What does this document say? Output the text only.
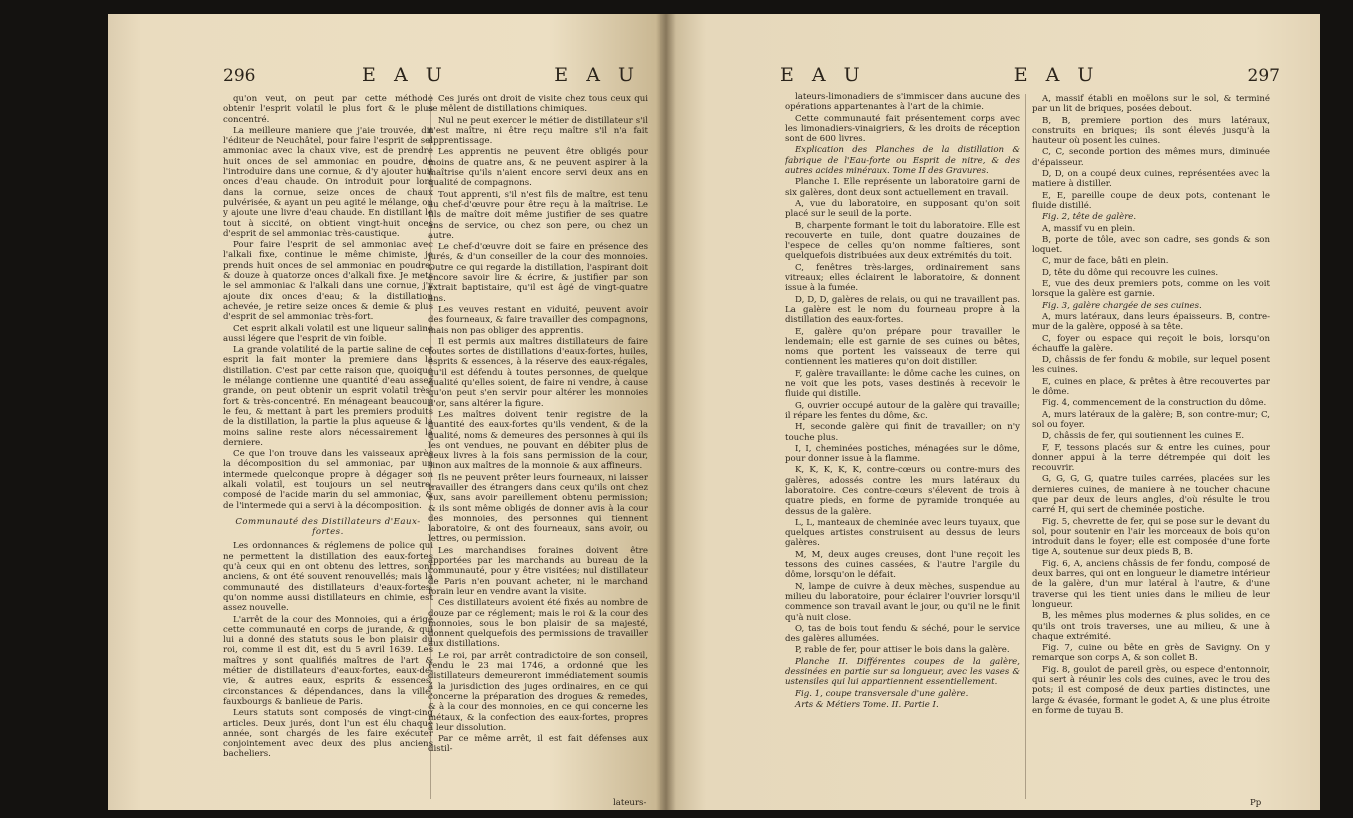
296	E A U	E A U

qu'on veut, on peut par cette méthode obtenir l'esprit volatil le plus fort & le plus concentré.

La meilleure maniere que j'aie trouvée, dit l'éditeur de Neuchâtel, pour faire l'esprit de sel ammoniac avec la chaux vive, est de prendre huit onces de sel ammoniac en poudre, de l'introduire dans une cornue, & d'y ajouter huit onces d'eau chaude. On introduit pour lors dans la cornue, seize onces de chaux pulvérisée, & ayant un peu agité le mélange, on y ajoute une livre d'eau chaude. En distillant le tout à siccité, on obtient vingt-huit onces d'esprit de sel ammoniac très-caustique.

Pour faire l'esprit de sel ammoniac avec l'alkali fixe, continue le même chimiste, je prends huit onces de sel ammoniac en poudre, & douze à quatorze onces d'alkali fixe. Je mets le sel ammoniac & l'alkali dans une cornue, j'y ajoute dix onces d'eau; & la distillation achevée, je retire seize onces & demie & plus d'esprit de sel ammoniac très-fort.

Cet esprit alkali volatil est une liqueur saline aussi légere que l'esprit de vin foible.

La grande volatilité de la partie saline de cet esprit la fait monter la premiere dans la distillation. C'est par cette raison que, quoique le mélange contienne une quantité d'eau assez grande, on peut obtenir un esprit volatil très-fort & très-concentré. En ménageant beaucoup le feu, & mettant à part les premiers produits de la distillation, la partie la plus aqueuse & la moins saline reste alors nécessairement la derniere.

Ce que l'on trouve dans les vaisseaux après la décomposition du sel ammoniac, par un intermede quelconque propre à dégager son alkali volatil, est toujours un sel neutre, composé de l'acide marin du sel ammoniac, & de l'intermede qui a servi à la décomposition.

Communauté des Distillateurs d'Eaux-fortes.

Les ordonnances & réglemens de police qui ne permettent la distillation des eaux-fortes qu'à ceux qui en ont obtenu des lettres, sont anciens, & ont été souvent renouvellés; mais la communauté des distillateurs d'eaux-fortes, qu'on nomme aussi distillateurs en chimie, est assez nouvelle.

L'arrêt de la cour des Monnoies, qui a érigé cette communauté en corps de jurande, & qui lui a donné des statuts sous le bon plaisir du roi, comme il est dit, est du 5 avril 1639. Les maîtres y sont qualifiés maîtres de l'art & métier de distillateurs d'eaux-fortes, eaux-de-vie, & autres eaux, esprits & essences, circonstances & dépendances, dans la ville, fauxbourgs & banlieue de Paris.

Leurs statuts sont composés de vingt-cinq articles. Deux jurés, dont l'un est élu chaque année, sont chargés de les faire exécuter conjointement avec deux des plus anciens bacheliers.

Ces jurés ont droit de visite chez tous ceux qui se mêlent de distillations chimiques.

Nul ne peut exercer le métier de distillateur s'il n'est maître, ni être reçu maître s'il n'a fait apprentissage.

Les apprentis ne peuvent être obligés pour moins de quatre ans, & ne peuvent aspirer à la maîtrise qu'ils n'aient encore servi deux ans en qualité de compagnons.

Tout apprenti, s'il n'est fils de maître, est tenu au chef-d'œuvre pour être reçu à la maîtrise. Le fils de maître doit même justifier de ses quatre ans de service, ou chez son pere, ou chez un autre.

Le chef-d'œuvre doit se faire en présence des jurés, & d'un conseiller de la cour des monnoies. Outre ce qui regarde la distillation, l'aspirant doit encore savoir lire & écrire, & justifier par son extrait baptistaire, qu'il est âgé de vingt-quatre ans.

Les veuves restant en viduité, peuvent avoir des fourneaux, & faire travailler des compagnons, mais non pas obliger des apprentis.

Il est permis aux maîtres distillateurs de faire toutes sortes de distillations d'eaux-fortes, huiles, esprits & essences, à la réserve des eaux-régales, qu'il est défendu à toutes personnes, de quelque qualité qu'elles soient, de faire ni vendre, à cause qu'on peut s'en servir pour altérer les monnoies d'or, sans altérer la figure.

Les maîtres doivent tenir registre de la quantité des eaux-fortes qu'ils vendent, & de la qualité, noms & demeures des personnes à qui ils les ont vendues, ne pouvant en débiter plus de deux livres à la fois sans permission de la cour, sinon aux maîtres de la monnoie & aux affineurs.

Ils ne peuvent prêter leurs fourneaux, ni laisser travailler des étrangers dans ceux qu'ils ont chez eux, sans avoir pareillement obtenu permission; & ils sont même obligés de donner avis à la cour des monnoies, des personnes qui tiennent laboratoire, & ont des fourneaux, sans avoir, ou lettres, ou permission.

Les marchandises foraines doivent être apportées par les marchands au bureau de la communauté, pour y être visitées; nul distillateur de Paris n'en pouvant acheter, ni le marchand forain leur en vendre avant la visite.

Ces distillateurs avoient été fixés au nombre de douze par ce réglement; mais le roi & la cour des monnoies, sous le bon plaisir de sa majesté, donnent quelquefois des permissions de travailler aux distillations.

Le roi, par arrêt contradictoire de son conseil, rendu le 23 mai 1746, a ordonné que les distillateurs demeureront immédiatement soumis à la jurisdiction des juges ordinaires, en ce qui concerne la préparation des drogues & remedes, & à la cour des monnoies, en ce qui concerne les métaux, & la confection des eaux-fortes, propres à leur dissolution.

Par ce même arrêt, il est fait défenses aux distil-

lateurs-
E A U	E A U	297

lateurs-limonadiers de s'immiscer dans aucune des opérations appartenantes à l'art de la chimie.

Cette communauté fait présentement corps avec les limonadiers-vinaigriers, & les droits de réception sont de 600 livres.

Explication des Planches de la distillation & fabrique de l'Eau-forte ou Esprit de nitre, & des autres acides minéraux. Tome II des Gravures.

Planche I. Elle représente un laboratoire garni de six galères, dont deux sont actuellement en travail.

A, vue du laboratoire, en supposant qu'on soit placé sur le seuil de la porte.

B, charpente formant le toit du laboratoire. Elle est recouverte en tuile, dont quatre douzaines de l'espece de celles qu'on nomme faîtieres, sont quelquefois distribuées aux deux extrémités du toit.

C, fenêtres très-larges, ordinairement sans vitreaux; elles éclairent le laboratoire, & donnent issue à la fumée.

D, D, D, galères de relais, ou qui ne travaillent pas. La galère est le nom du fourneau propre à la distillation des eaux-fortes.

E, galère qu'on prépare pour travailler le lendemain; elle est garnie de ses cuines ou bêtes, noms que portent les vaisseaux de terre qui contiennent les matieres qu'on doit distiller.

F, galère travaillante: le dôme cache les cuines, on ne voit que les pots, vases destinés à recevoir le fluide qui distille.

G, ouvrier occupé autour de la galère qui travaille; il répare les fentes du dôme, &c.

H, seconde galère qui finit de travailler; on n'y touche plus.

I, I, cheminées postiches, ménagées sur le dôme, pour donner issue à la flamme.

K, K, K, K, K, contre-cœurs ou contre-murs des galères, adossés contre les murs latéraux du laboratoire. Ces contre-cœurs s'élevent de trois à quatre pieds, en forme de pyramide tronquée au dessus de la galère.

L, L, manteaux de cheminée avec leurs tuyaux, que quelques artistes construisent au dessus de leurs galères.

M, M, deux auges creuses, dont l'une reçoit les tessons des cuines cassées, & l'autre l'argile du dôme, lorsqu'on le défait.

N, lampe de cuivre à deux mèches, suspendue au milieu du laboratoire, pour éclairer l'ouvrier lorsqu'il commence son travail avant le jour, ou qu'il ne le finit qu'à nuit close.

O, tas de bois tout fendu & séché, pour le service des galères allumées.

P, rable de fer, pour attiser le bois dans la galère.

Planche II. Différentes coupes de la galère, dessinées en partie sur sa longueur, avec les vases & ustensiles qui lui appartiennent essentiellement.

Fig. 1, coupe transversale d'une galère.

Arts & Métiers Tome. II. Partie I.

A, massif établi en moëlons sur le sol, & terminé par un lit de briques, posées debout.

B, B, premiere portion des murs latéraux, construits en briques; ils sont élevés jusqu'à la hauteur où posent les cuines.

C, C, seconde portion des mêmes murs, diminuée d'épaisseur.

D, D, on a coupé deux cuines, représentées avec la matiere à distiller.

E, E, pareille coupe de deux pots, contenant le fluide distillé.

Fig. 2, tête de galère.

A, massif vu en plein.

B, porte de tôle, avec son cadre, ses gonds & son loquet.

C, mur de face, bâti en plein.

D, tête du dôme qui recouvre les cuines.

E, vue des deux premiers pots, comme on les voit lorsque la galère est garnie.

Fig. 3, galère chargée de ses cuines.

A, murs latéraux, dans leurs épaisseurs. B, contre-mur de la galère, opposé à sa tête.

C, foyer ou espace qui reçoit le bois, lorsqu'on échauffe la galère.

D, châssis de fer fondu & mobile, sur lequel posent les cuines.

E, cuines en place, & prêtes à être recouvertes par le dôme.

Fig. 4, commencement de la construction du dôme.

A, murs latéraux de la galère; B, son contre-mur; C, sol ou foyer.

D, châssis de fer, qui soutiennent les cuines E.

F, F, tessons placés sur & entre les cuines, pour donner appui à la terre détrempée qui doit les recouvrir.

G, G, G, G, quatre tuiles carrées, placées sur les dernieres cuines, de maniere à ne toucher chacune que par deux de leurs angles, d'où résulte le trou carré H, qui sert de cheminée postiche.

Fig. 5, chevrette de fer, qui se pose sur le devant du sol, pour soutenir en l'air les morceaux de bois qu'on introduit dans le foyer; elle est composée d'une forte tige A, soutenue sur deux pieds B, B.

Fig. 6, A, anciens châssis de fer fondu, composé de deux barres, qui ont en longueur le diametre intérieur de la galère, d'un mur latéral à l'autre, & d'une traverse qui les tient unies dans le milieu de leur longueur.

B, les mêmes plus modernes & plus solides, en ce qu'ils ont trois traverses, une au milieu, & une à chaque extrémité.

Fig. 7, cuine ou bête en grès de Savigny. On y remarque son corps A, & son collet B.

Fig. 8, goulot de pareil grès, ou espece d'entonnoir, qui sert à réunir les cols des cuines, avec le trou des pots; il est composé de deux parties distinctes, une large & évasée, formant le godet A, & une plus étroite en forme de tuyau B.

Pp
